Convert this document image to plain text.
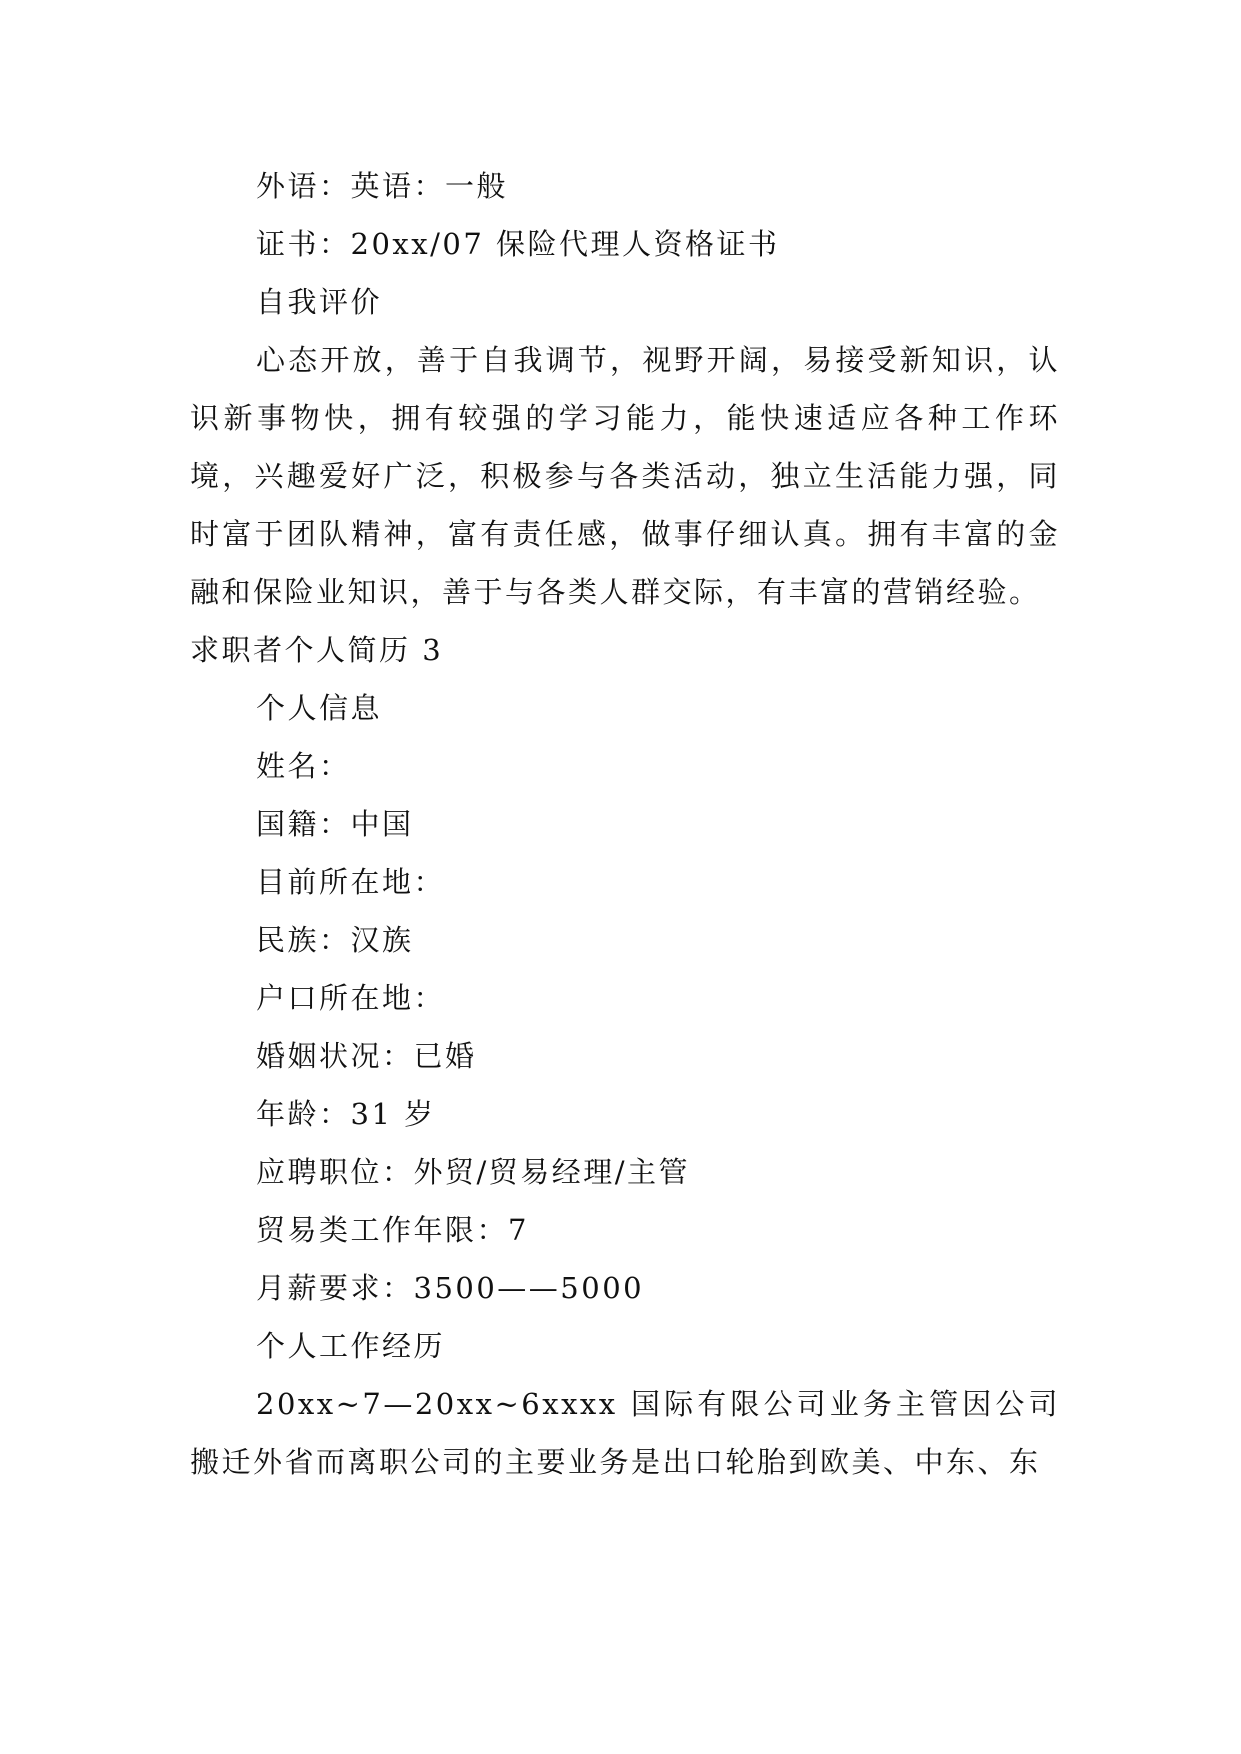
外语：英语：一般

证书：20xx/07 保险代理人资格证书

自我评价

心态开放，善于自我调节，视野开阔，易接受新知识，认识新事物快，拥有较强的学习能力，能快速适应各种工作环境，兴趣爱好广泛，积极参与各类活动，独立生活能力强，同时富于团队精神，富有责任感，做事仔细认真。拥有丰富的金融和保险业知识，善于与各类人群交际，有丰富的营销经验。

求职者个人简历 3

个人信息

姓名：

国籍：中国

目前所在地：

民族：汉族

户口所在地：

婚姻状况：已婚

年龄：31 岁

应聘职位：外贸/贸易经理/主管

贸易类工作年限：7

月薪要求：3500——5000

个人工作经历

20xx~7—20xx~6xxxx 国际有限公司业务主管因公司搬迁外省而离职公司的主要业务是出口轮胎到欧美、中东、东
